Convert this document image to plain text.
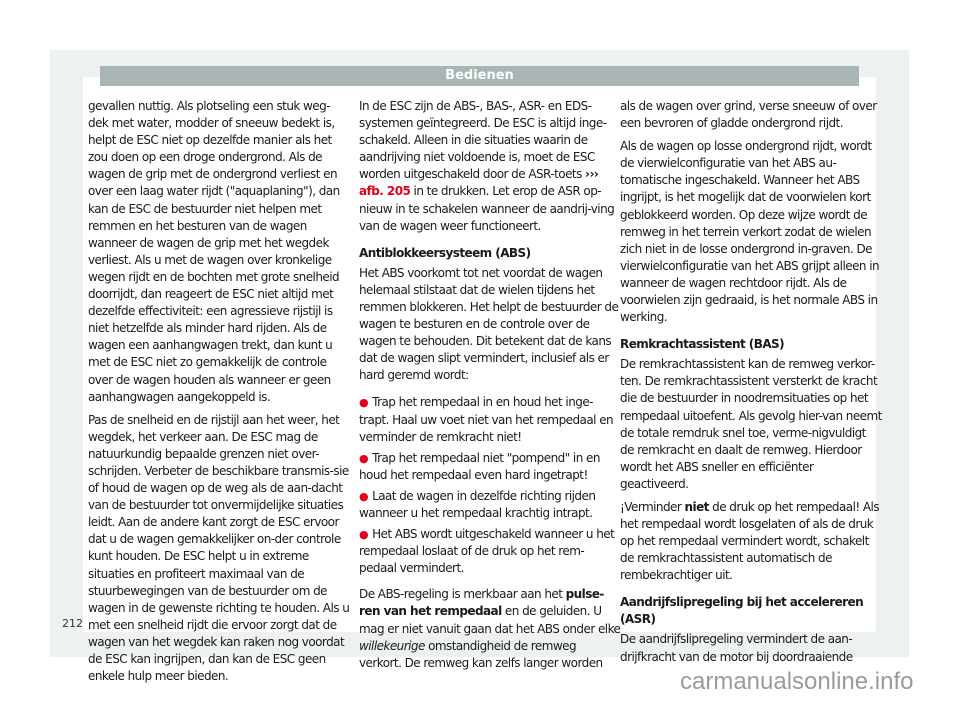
Bedienen

gevallen nuttig. Als plotseling een stuk weg-dek met water, modder of sneeuw bedekt is, helpt de ESC niet op dezelfde manier als het zou doen op een droge ondergrond. Als de wagen de grip met de ondergrond verliest en over een laag water rijdt ("aquaplaning"), dan kan de ESC de bestuurder niet helpen met remmen en het besturen van de wagen wanneer de wagen de grip met het wegdek verliest. Als u met de wagen over kronkelige wegen rijdt en de bochten met grote snelheid doorrijdt, dan reageert de ESC niet altijd met dezelfde effectiviteit: een agressieve rijstijl is niet hetzelfde als minder hard rijden. Als de wagen een aanhangwagen trekt, dan kunt u met de ESC niet zo gemakkelijk de controle over de wagen houden als wanneer er geen aanhangwagen aangekoppeld is.

Pas de snelheid en de rijstijl aan het weer, het wegdek, het verkeer aan. De ESC mag de natuurkundig bepaalde grenzen niet over-schrijden. Verbeter de beschikbare transmis-sie of houd de wagen op de weg als de aan-dacht van de bestuurder tot onvermijdelijke situaties leidt. Aan de andere kant zorgt de ESC ervoor dat u de wagen gemakkelijker on-der controle kunt houden. De ESC helpt u in extreme situaties en profiteert maximaal van de stuurbewegingen van de bestuurder om de wagen in de gewenste richting te houden. Als u met een snelheid rijdt die ervoor zorgt dat de wagen van het wegdek kan raken nog voordat de ESC kan ingrijpen, dan kan de ESC geen enkele hulp meer bieden.

In de ESC zijn de ABS-, BAS-, ASR- en EDS-systemen geïntegreerd. De ESC is altijd inge-schakeld. Alleen in die situaties waarin de aandrijving niet voldoende is, moet de ESC worden uitgeschakeld door de ASR-toets ››› afb. 205 in te drukken. Let erop de ASR op-nieuw in te schakelen wanneer de aandrij-ving van de wagen weer functioneert.

Antiblokkeersysteem (ABS)

Het ABS voorkomt tot net voordat de wagen helemaal stilstaat dat de wielen tijdens het remmen blokkeren. Het helpt de bestuurder de wagen te besturen en de controle over de wagen te behouden. Dit betekent dat de kans dat de wagen slipt vermindert, inclusief als er hard geremd wordt:

● Trap het rempedaal in en houd het inge-trapt. Haal uw voet niet van het rempedaal en verminder de remkracht niet!
● Trap het rempedaal niet "pompend" in en houd het rempedaal even hard ingetrapt!
● Laat de wagen in dezelfde richting rijden wanneer u het rempedaal krachtig intrapt.
● Het ABS wordt uitgeschakeld wanneer u het rempedaal loslaat of de druk op het rem-pedaal vermindert.

De ABS-regeling is merkbaar aan het pulse-ren van het rempedaal en de geluiden. U mag er niet vanuit gaan dat het ABS onder elke willekeurige omstandigheid de remweg verkort. De remweg kan zelfs langer worden

als de wagen over grind, verse sneeuw of over een bevroren of gladde ondergrond rijdt.

Als de wagen op losse ondergrond rijdt, wordt de vierwielconfiguratie van het ABS au-tomatische ingeschakeld. Wanneer het ABS ingrijpt, is het mogelijk dat de voorwielen kort geblokkeerd worden. Op deze wijze wordt de remweg in het terrein verkort zodat de wielen zich niet in de losse ondergrond in-graven. De vierwielconfiguratie van het ABS grijpt alleen in wanneer de wagen rechtdoor rijdt. Als de voorwielen zijn gedraaid, is het normale ABS in werking.

Remkrachtassistent (BAS)

De remkrachtassistent kan de remweg verkor-ten. De remkrachtassistent versterkt de kracht die de bestuurder in noodremsituaties op het rempedaal uitoefent. Als gevolg hier-van neemt de totale remdruk snel toe, verme-nigvuldigt de remkracht en daalt de remweg. Hierdoor wordt het ABS sneller en efficiënter geactiveerd.

¡Verminder niet de druk op het rempedaal! Als het rempedaal wordt losgelaten of als de druk op het rempedaal vermindert wordt, schakelt de remkrachtassistent automatisch de rembekrachtiger uit.

Aandrijfslipregeling bij het accelereren (ASR)

De aandrijfslipregeling vermindert de aan-drijfkracht van de motor bij doordraaiende

212
carmanualsonline.info
